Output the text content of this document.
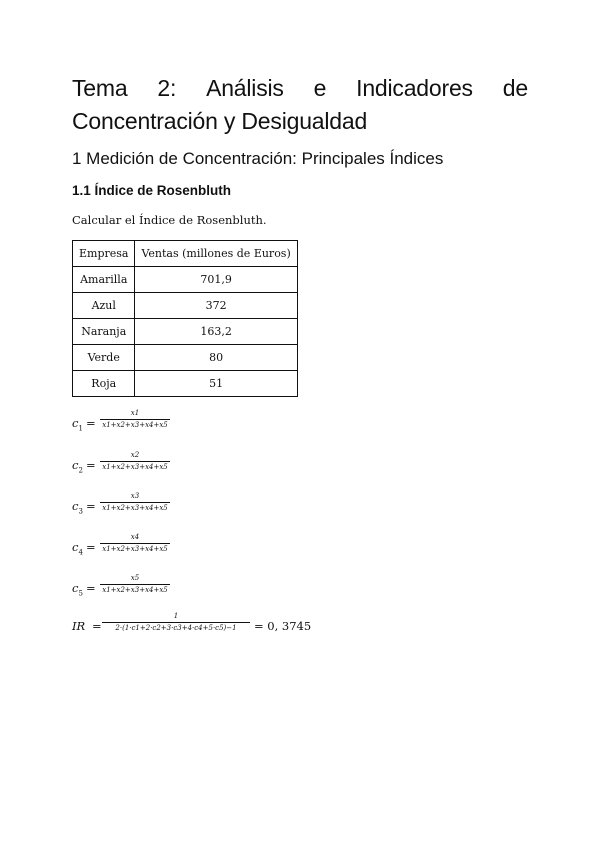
Tema 2: Análisis e Indicadores de
Concentración y Desigualdad
1 Medición de Concentración: Principales Índices
1.1 Índice de Rosenbluth
Calcular el Índice de Rosenbluth.
Empresa	Ventas (millones de Euros)
Amarilla	701,9
Azul	372
Naranja	163,2
Verde	80
Roja	51
$c_1$ =
x1
x1+x2+x3+x4+x5
$c_2$ =
x2
x1+x2+x3+x4+x5
$c_3$ =
x3
x1+x2+x3+x4+x5
$c_4$ =
x4
x1+x2+x3+x4+x5
$c_5$ =
x5
x1+x2+x3+x4+x5
IR =
1
2·(1·c1+2·c2+3·c3+4·c4+5·c5)−1	= 0, 3745
